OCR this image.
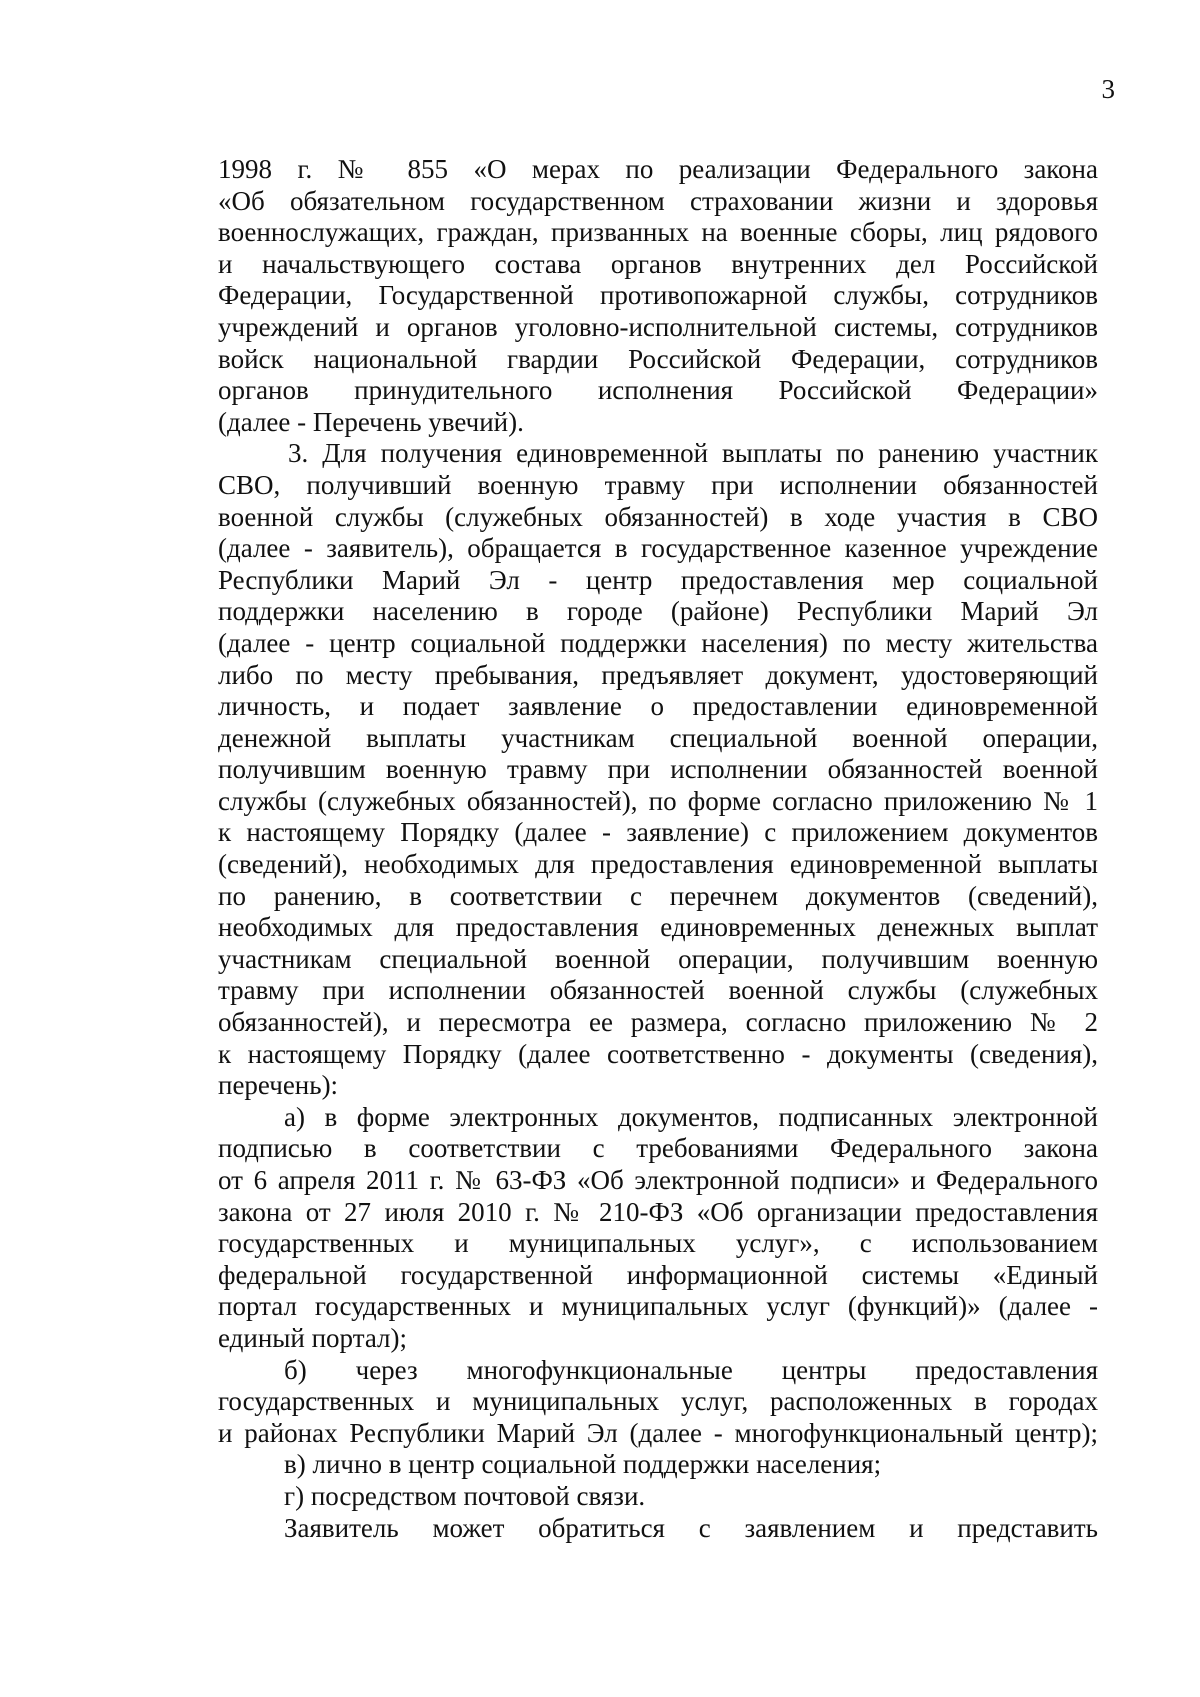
3
1998 г. № 855 «О мерах по реализации Федерального закона
«Об обязательном государственном страховании жизни и здоровья
военнослужащих, граждан, призванных на военные сборы, лиц рядового
и начальствующего состава органов внутренних дел Российской
Федерации, Государственной противопожарной службы, сотрудников
учреждений и органов уголовно-исполнительной системы, сотрудников
войск национальной гвардии Российской Федерации, сотрудников
органов принудительного исполнения Российской Федерации»
(далее - Перечень увечий).
3. Для получения единовременной выплаты по ранению участник
СВО, получивший военную травму при исполнении обязанностей
военной службы (служебных обязанностей) в ходе участия в СВО
(далее - заявитель), обращается в государственное казенное учреждение
Республики Марий Эл - центр предоставления мер социальной
поддержки населению в городе (районе) Республики Марий Эл
(далее - центр социальной поддержки населения) по месту жительства
либо по месту пребывания, предъявляет документ, удостоверяющий
личность, и подает заявление о предоставлении единовременной
денежной выплаты участникам специальной военной операции,
получившим военную травму при исполнении обязанностей военной
службы (служебных обязанностей), по форме согласно приложению № 1
к настоящему Порядку (далее - заявление) с приложением документов
(сведений), необходимых для предоставления единовременной выплаты
по ранению, в соответствии с перечнем документов (сведений),
необходимых для предоставления единовременных денежных выплат
участникам специальной военной операции, получившим военную
травму при исполнении обязанностей военной службы (служебных
обязанностей), и пересмотра ее размера, согласно приложению № 2
к настоящему Порядку (далее соответственно - документы (сведения),
перечень):
а) в форме электронных документов, подписанных электронной
подписью в соответствии с требованиями Федерального закона
от 6 апреля 2011 г. № 63-ФЗ «Об электронной подписи» и Федерального
закона от 27 июля 2010 г. № 210-ФЗ «Об организации предоставления
государственных и муниципальных услуг», с использованием
федеральной государственной информационной системы «Единый
портал государственных и муниципальных услуг (функций)» (далее -
единый портал);
б) через многофункциональные центры предоставления
государственных и муниципальных услуг, расположенных в городах
и районах Республики Марий Эл (далее - многофункциональный центр);
в) лично в центр социальной поддержки населения;
г) посредством почтовой связи.
Заявитель может обратиться с заявлением и представить
